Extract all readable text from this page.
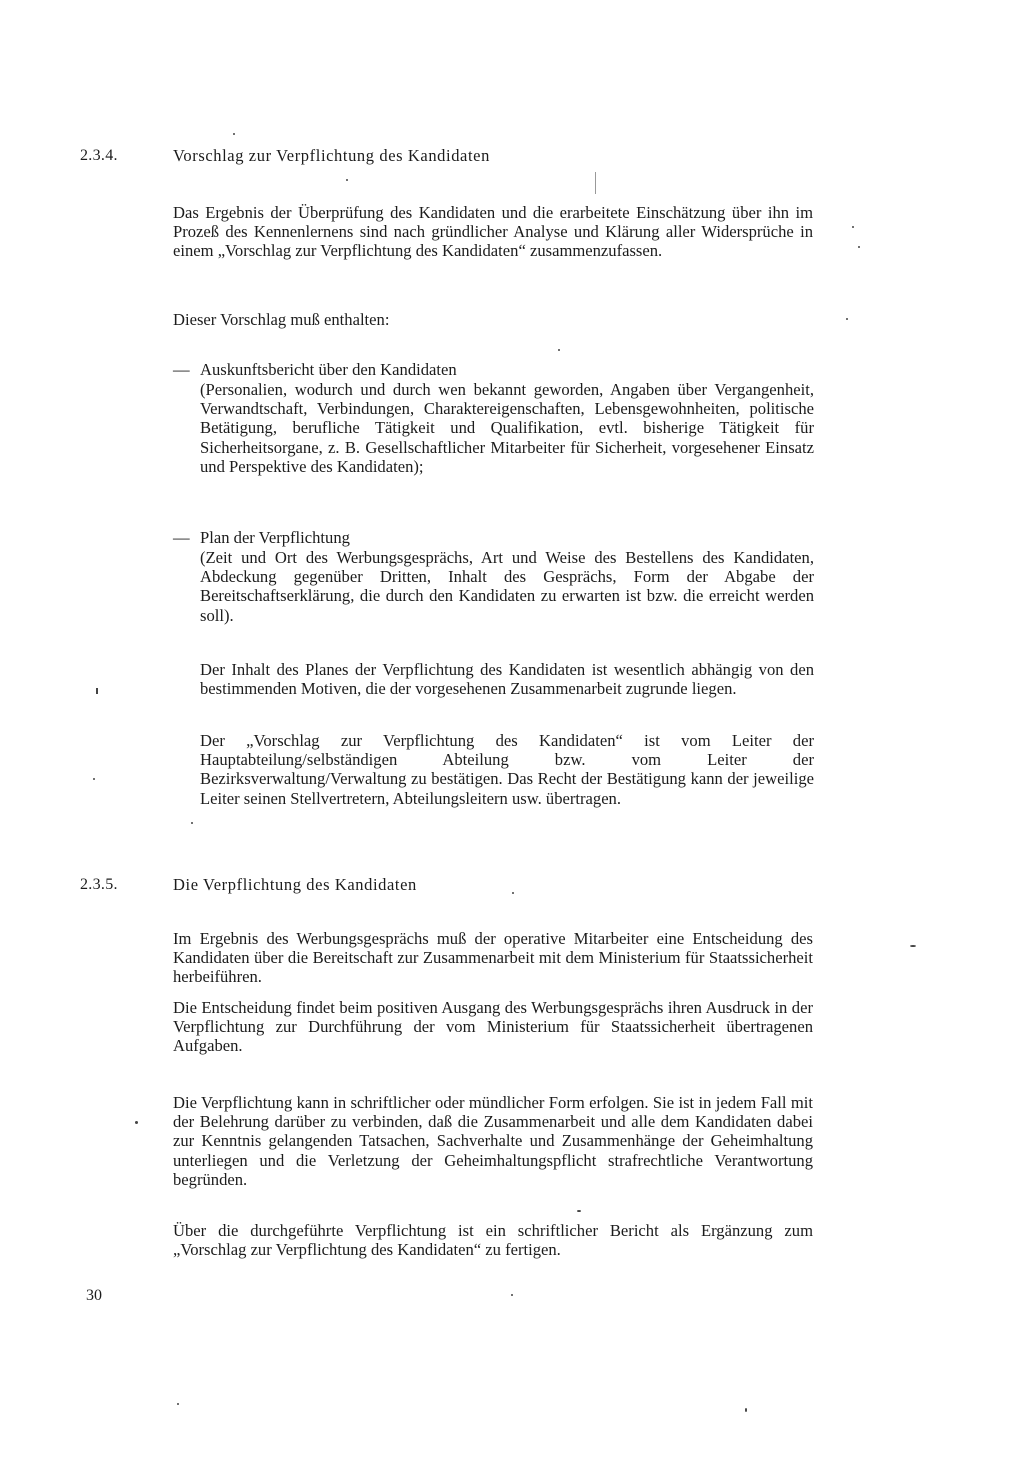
2.3.4.	Vorschlag zur Verpflichtung des Kandidaten
Das Ergebnis der Überprüfung des Kandidaten und die erarbeitete Einschätzung über ihn im Prozeß des Kennenlernens sind nach gründlicher Analyse und Klärung aller Widersprüche in einem „Vorschlag zur Verpflichtung des Kandidaten“ zusammenzufassen.
Dieser Vorschlag muß enthalten:
— Auskunftsbericht über den Kandidaten
(Personalien, wodurch und durch wen bekannt geworden, Angaben über Vergangenheit, Verwandtschaft, Verbindungen, Charaktereigenschaften, Lebensgewohnheiten, politische Betätigung, berufliche Tätigkeit und Qualifikation, evtl. bisherige Tätigkeit für Sicherheitsorgane, z. B. Gesellschaftlicher Mitarbeiter für Sicherheit, vorgesehener Einsatz und Perspektive des Kandidaten);
— Plan der Verpflichtung
(Zeit und Ort des Werbungsgesprächs, Art und Weise des Bestellens des Kandidaten, Abdeckung gegenüber Dritten, Inhalt des Gesprächs, Form der Abgabe der Bereitschaftserklärung, die durch den Kandidaten zu erwarten ist bzw. die erreicht werden soll).
Der Inhalt des Planes der Verpflichtung des Kandidaten ist wesentlich abhängig von den bestimmenden Motiven, die der vorgesehenen Zusammenarbeit zugrunde liegen.
Der „Vorschlag zur Verpflichtung des Kandidaten“ ist vom Leiter der Hauptabteilung/selbständigen Abteilung bzw. vom Leiter der Bezirksverwaltung/Verwaltung zu bestätigen. Das Recht der Bestätigung kann der jeweilige Leiter seinen Stellvertretern, Abteilungsleitern usw. übertragen.
2.3.5.	Die Verpflichtung des Kandidaten
Im Ergebnis des Werbungsgesprächs muß der operative Mitarbeiter eine Entscheidung des Kandidaten über die Bereitschaft zur Zusammenarbeit mit dem Ministerium für Staatssicherheit herbeiführen.
Die Entscheidung findet beim positiven Ausgang des Werbungsgesprächs ihren Ausdruck in der Verpflichtung zur Durchführung der vom Ministerium für Staatssicherheit übertragenen Aufgaben.
Die Verpflichtung kann in schriftlicher oder mündlicher Form erfolgen. Sie ist in jedem Fall mit der Belehrung darüber zu verbinden, daß die Zusammenarbeit und alle dem Kandidaten dabei zur Kenntnis gelangenden Tatsachen, Sachverhalte und Zusammenhänge der Geheimhaltung unterliegen und die Verletzung der Geheimhaltungspflicht strafrechtliche Verantwortung begründen.
Über die durchgeführte Verpflichtung ist ein schriftlicher Bericht als Ergänzung zum „Vorschlag zur Verpflichtung des Kandidaten“ zu fertigen.
30
